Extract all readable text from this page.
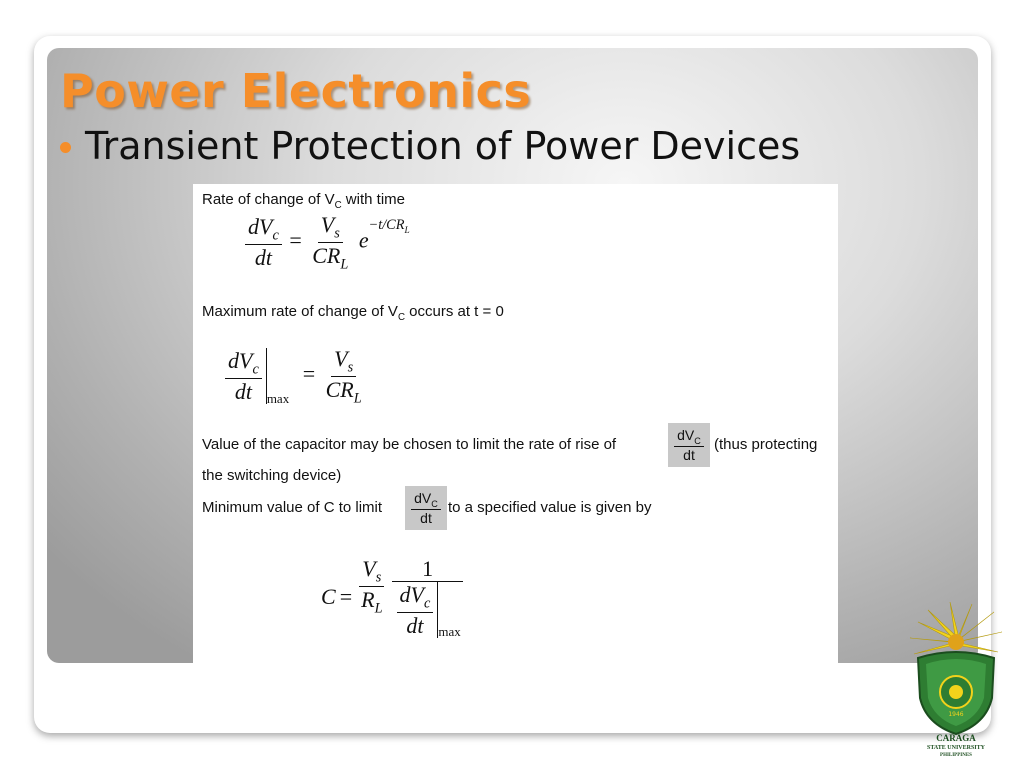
Power Electronics
Transient Protection of Power Devices
Rate of change of $V_C$ with time
$\frac{dV_c}{dt} = \frac{V_s}{CR_L} e^{-t/CR_L}$
Maximum rate of change of $V_C$ occurs at t = 0
$\frac{dV_c}{dt} _{max} = \frac{V_s}{CR_L}$
Value of the capacitor may be chosen to limit the rate of rise of
$dV_C$
dt
(thus protecting
the switching device)
Minimum value of C to limit
$dV_C$
dt
to a specified value is given by
$C = \frac{V_s}{R_L} \frac{1}{\frac{dV_c}{dt} \max}$
1946
CARAGA
STATE UNIVERSITY
PHILIPPINES
